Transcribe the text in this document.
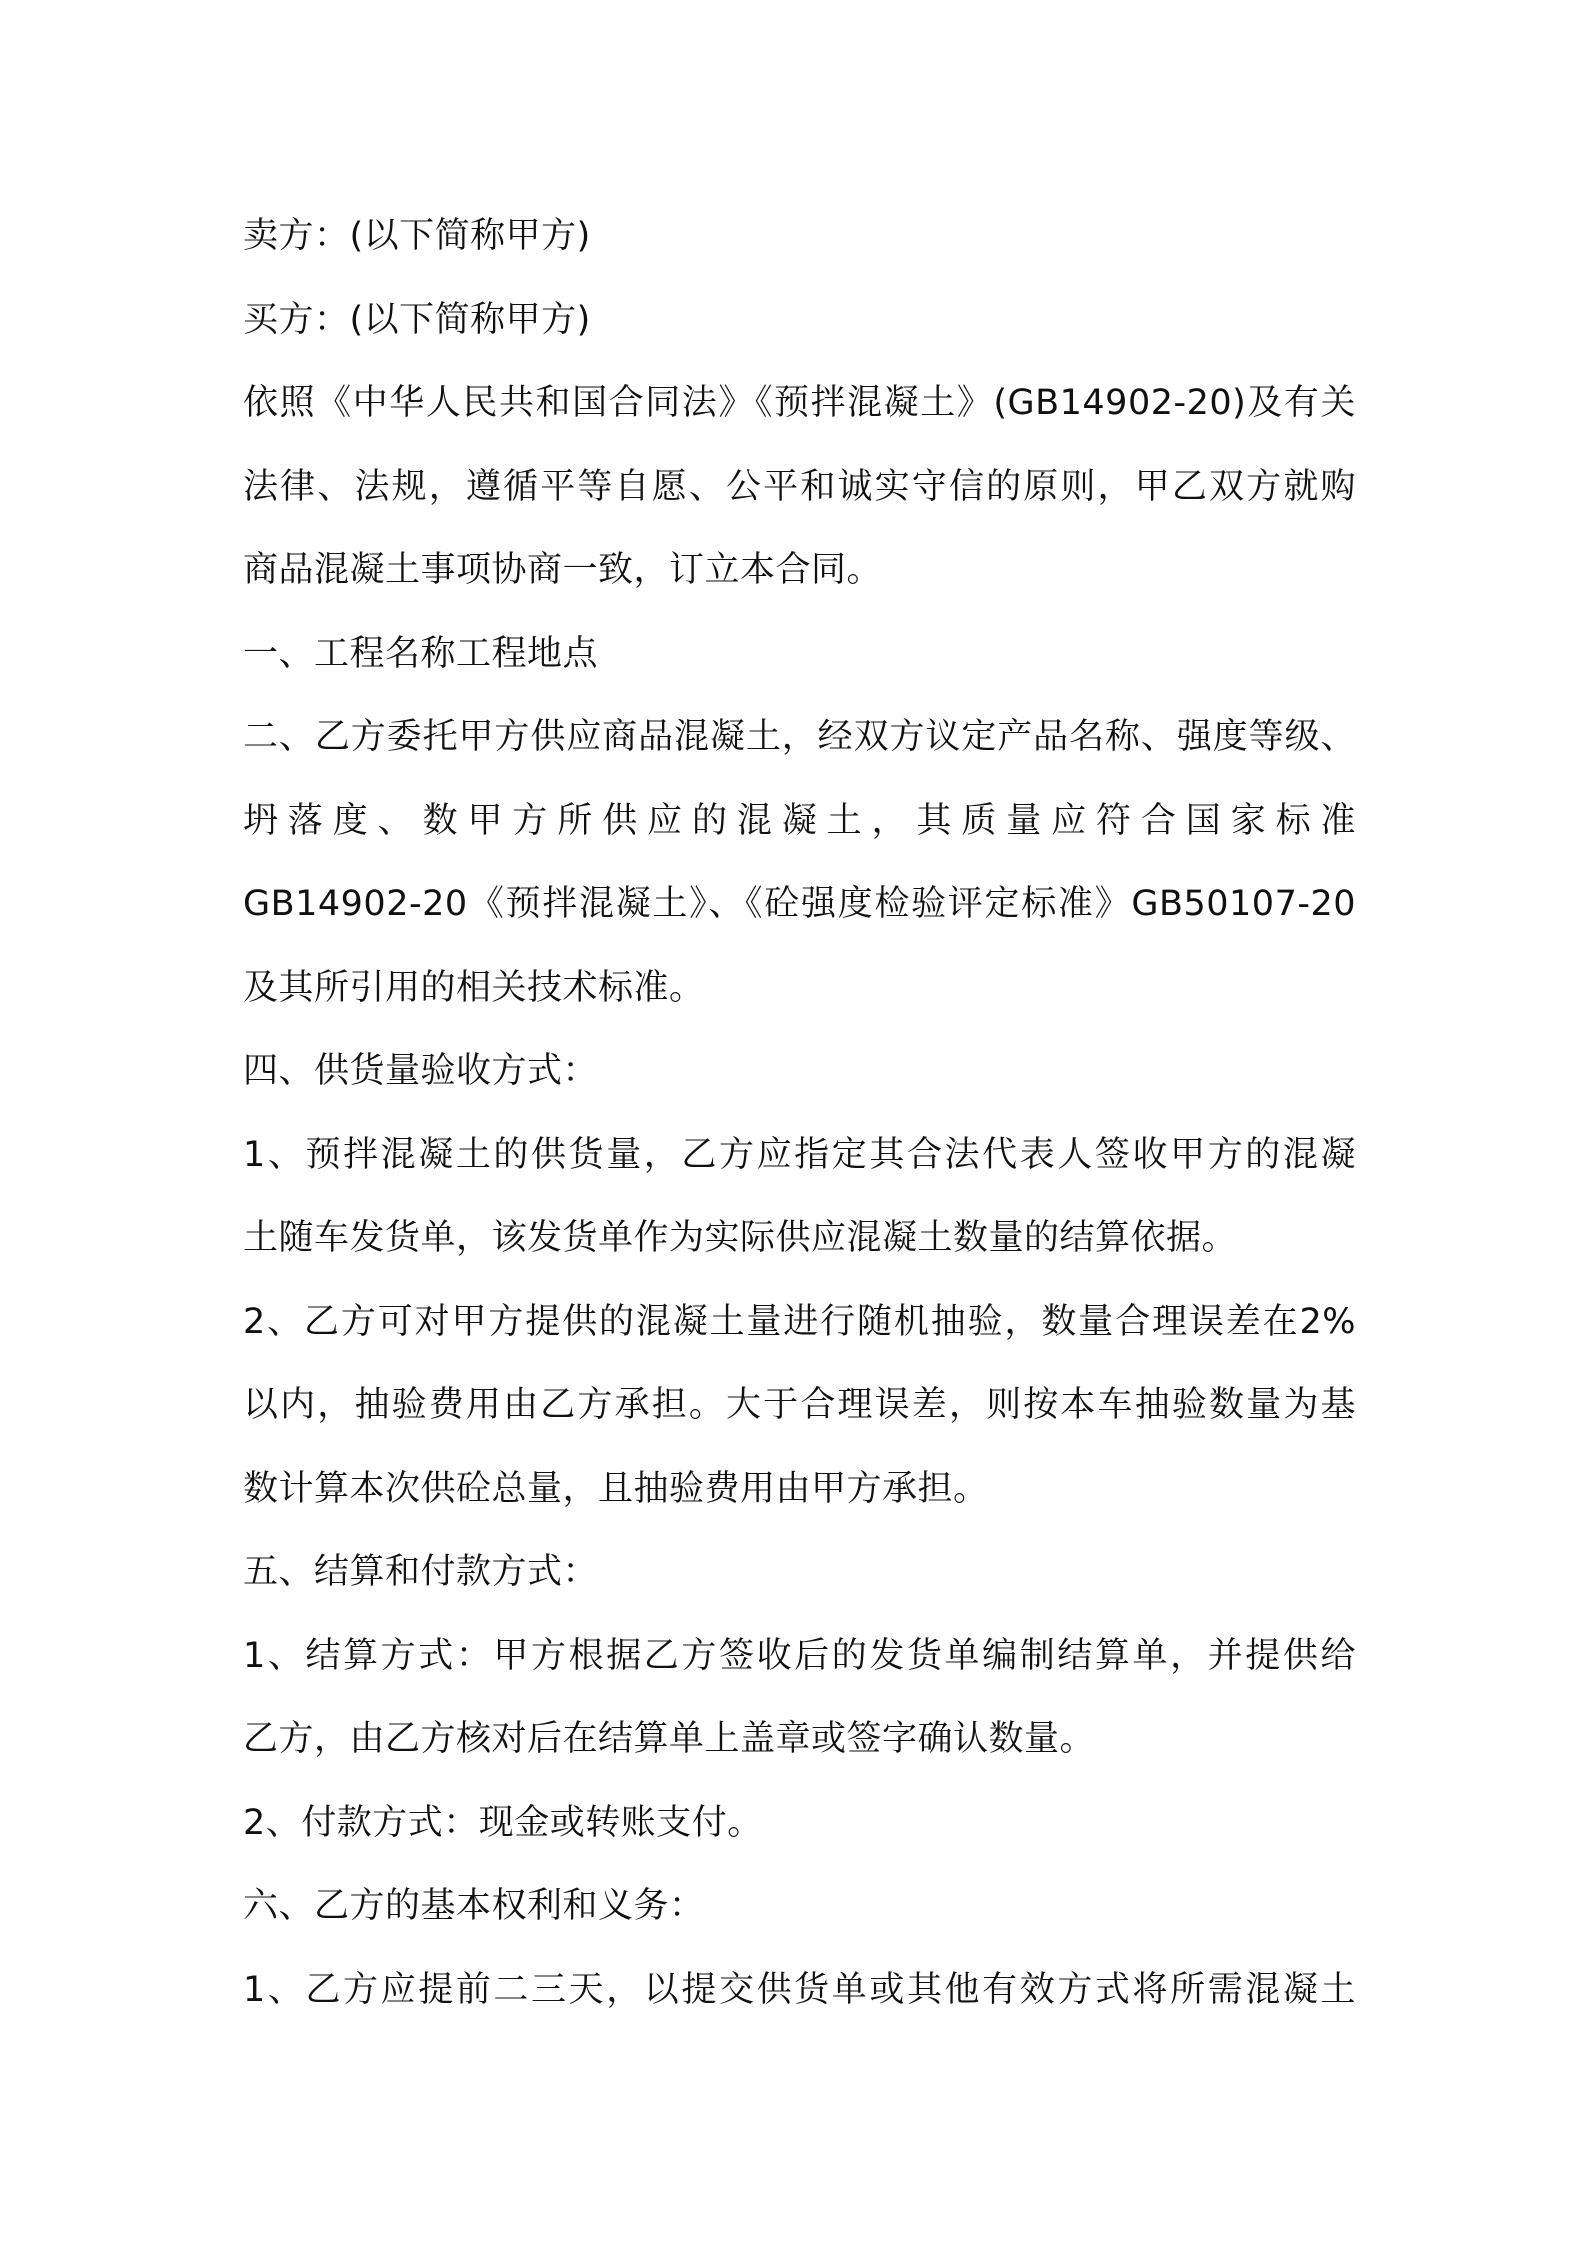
卖方：(以下简称甲方)
买方：(以下简称甲方)
依照《中华人民共和国合同法》《预拌混凝土》(GB14902-20)及有关
法律、法规，遵循平等自愿、公平和诚实守信的原则，甲乙双方就购
商品混凝土事项协商一致，订立本合同。
一、工程名称工程地点
二、乙方委托甲方供应商品混凝土，经双方议定产品名称、强度等级、
坍落度、数甲方所供应的混凝土，其质量应符合国家标准
GB14902-20《预拌混凝土》、《砼强度检验评定标准》GB50107-20
及其所引用的相关技术标准。
四、供货量验收方式：
1、预拌混凝土的供货量，乙方应指定其合法代表人签收甲方的混凝
土随车发货单，该发货单作为实际供应混凝土数量的结算依据。
2、乙方可对甲方提供的混凝土量进行随机抽验，数量合理误差在2%
以内，抽验费用由乙方承担。大于合理误差，则按本车抽验数量为基
数计算本次供砼总量，且抽验费用由甲方承担。
五、结算和付款方式：
1、结算方式：甲方根据乙方签收后的发货单编制结算单，并提供给
乙方，由乙方核对后在结算单上盖章或签字确认数量。
2、付款方式：现金或转账支付。
六、乙方的基本权利和义务：
1、乙方应提前二三天，以提交供货单或其他有效方式将所需混凝土
